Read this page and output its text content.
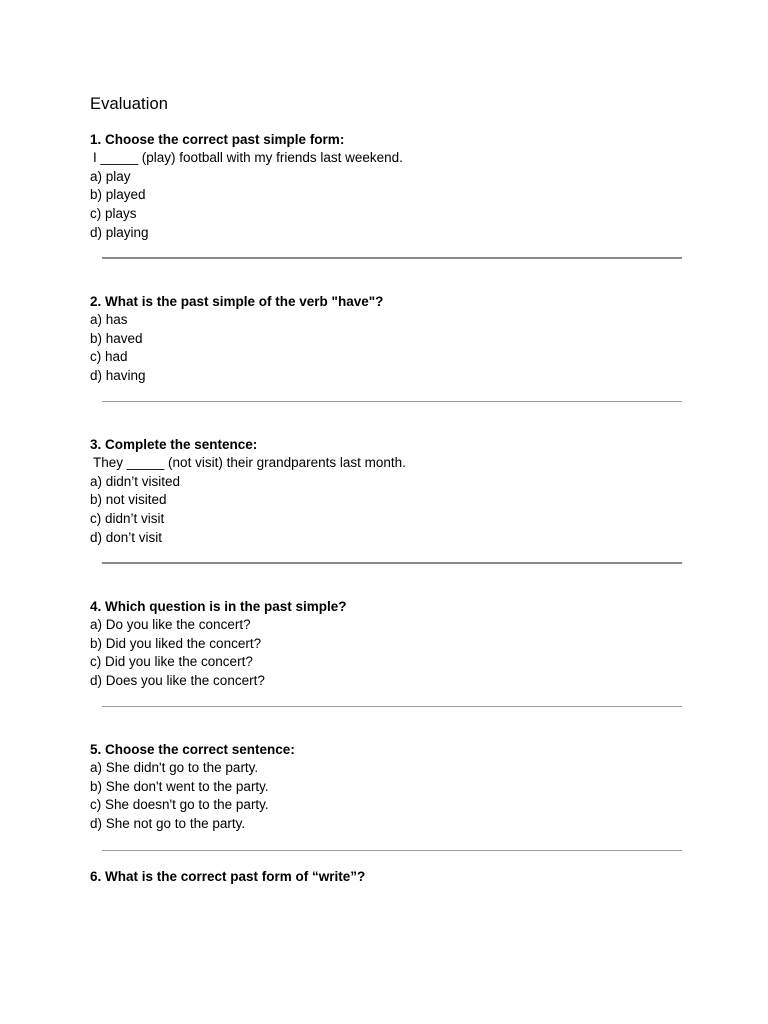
Evaluation
1. Choose the correct past simple form:
I _____ (play) football with my friends last weekend.
a) play
b) played
c) plays
d) playing
2. What is the past simple of the verb "have"?
a) has
b) haved
c) had
d) having
3. Complete the sentence:
They _____ (not visit) their grandparents last month.
a) didn’t visited
b) not visited
c) didn’t visit
d) don’t visit
4. Which question is in the past simple?
a) Do you like the concert?
b) Did you liked the concert?
c) Did you like the concert?
d) Does you like the concert?
5. Choose the correct sentence:
a) She didn't go to the party.
b) She don't went to the party.
c) She doesn't go to the party.
d) She not go to the party.
6. What is the correct past form of “write”?
